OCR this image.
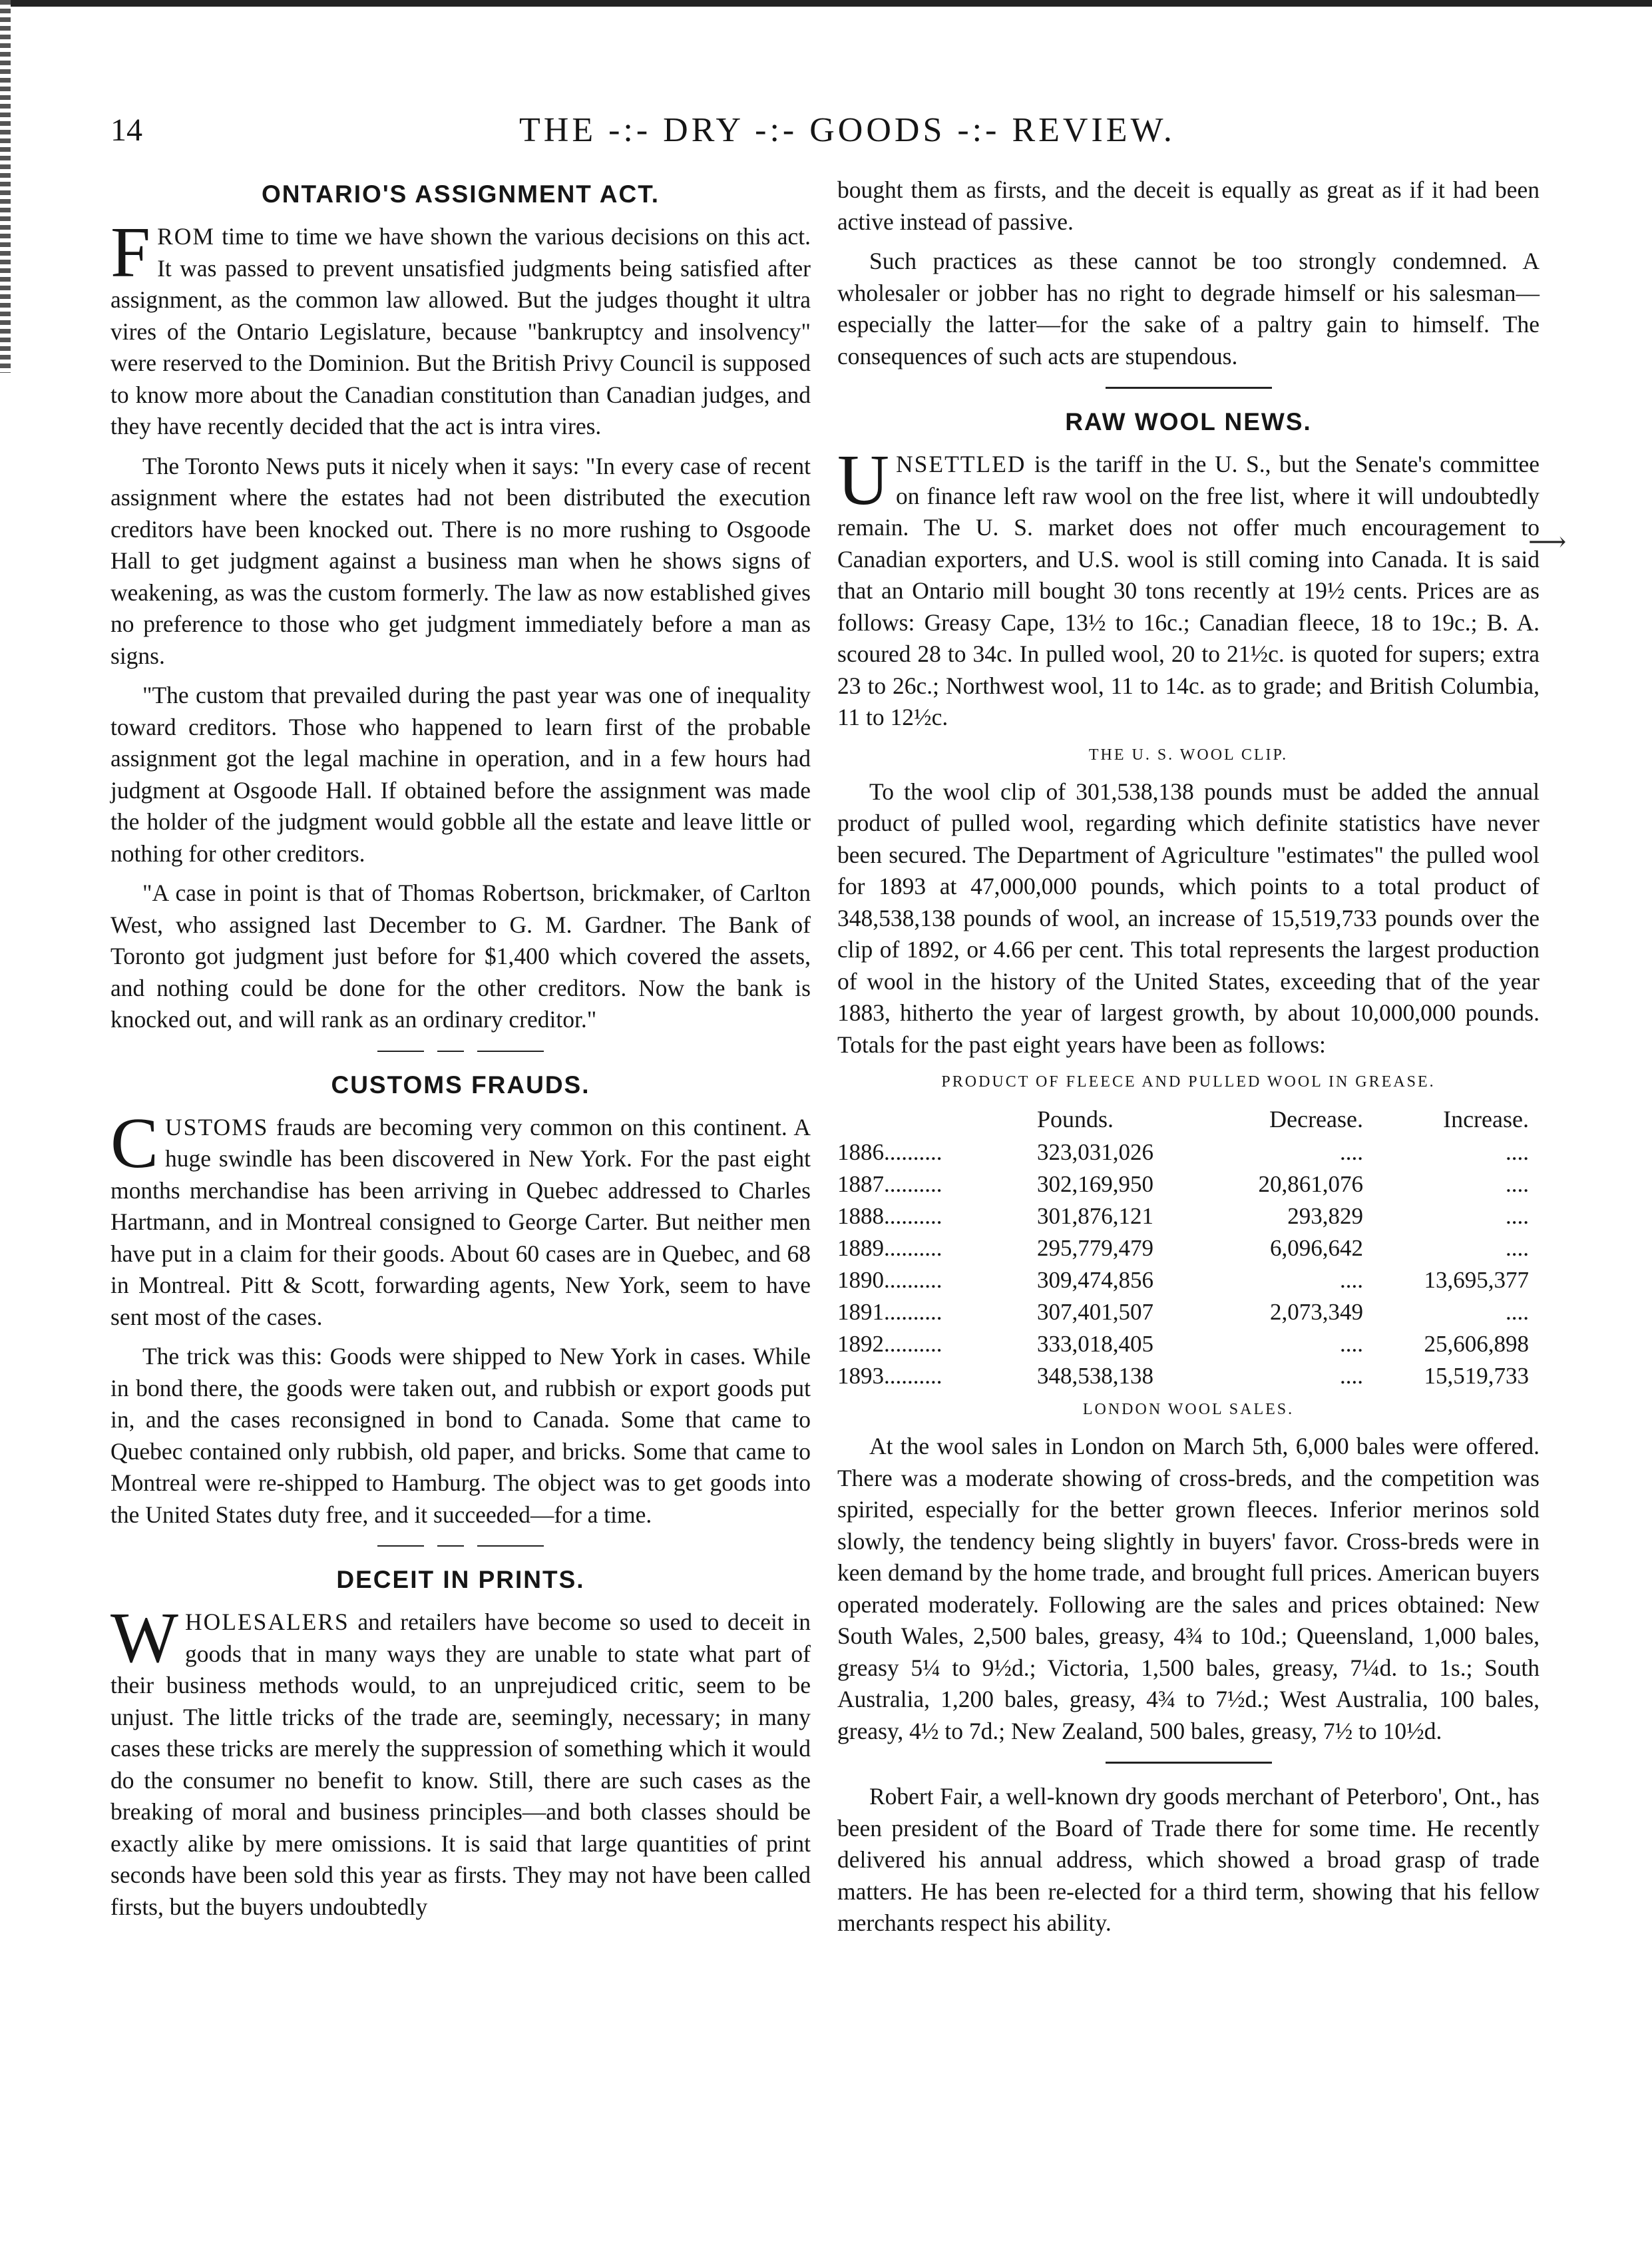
14	THE -:- DRY -:- GOODS -:- REVIEW.
ONTARIO'S ASSIGNMENT ACT.

FROM time to time we have shown the various decisions on this act. It was passed to prevent unsatisfied judgments being satisfied after assignment, as the common law allowed. But the judges thought it ultra vires of the Ontario Legislature, because "bankruptcy and insolvency" were reserved to the Dominion. But the British Privy Council is supposed to know more about the Canadian constitution than Canadian judges, and they have recently decided that the act is intra vires.

The Toronto News puts it nicely when it says: "In every case of recent assignment where the estates had not been distributed the execution creditors have been knocked out. There is no more rushing to Osgoode Hall to get judgment against a business man when he shows signs of weakening, as was the custom formerly. The law as now established gives no preference to those who get judgment immediately before a man as signs.

"The custom that prevailed during the past year was one of inequality toward creditors. Those who happened to learn first of the probable assignment got the legal machine in operation, and in a few hours had judgment at Osgoode Hall. If obtained before the assignment was made the holder of the judgment would gobble all the estate and leave little or nothing for other creditors.

"A case in point is that of Thomas Robertson, brickmaker, of Carlton West, who assigned last December to G. M. Gardner. The Bank of Toronto got judgment just before for $1,400 which covered the assets, and nothing could be done for the other creditors. Now the bank is knocked out, and will rank as an ordinary creditor."

CUSTOMS FRAUDS.

CUSTOMS frauds are becoming very common on this continent. A huge swindle has been discovered in New York. For the past eight months merchandise has been arriving in Quebec addressed to Charles Hartmann, and in Montreal consigned to George Carter. But neither men have put in a claim for their goods. About 60 cases are in Quebec, and 68 in Montreal. Pitt & Scott, forwarding agents, New York, seem to have sent most of the cases.

The trick was this: Goods were shipped to New York in cases. While in bond there, the goods were taken out, and rubbish or export goods put in, and the cases reconsigned in bond to Canada. Some that came to Quebec contained only rubbish, old paper, and bricks. Some that came to Montreal were re-shipped to Hamburg. The object was to get goods into the United States duty free, and it succeeded—for a time.

DECEIT IN PRINTS.

WHOLESALERS and retailers have become so used to deceit in goods that in many ways they are unable to state what part of their business methods would, to an unprejudiced critic, seem to be unjust. The little tricks of the trade are, seemingly, necessary; in many cases these tricks are merely the suppression of something which it would do the consumer no benefit to know. Still, there are such cases as the breaking of moral and business principles—and both classes should be exactly alike by mere omissions. It is said that large quantities of print seconds have been sold this year as firsts. They may not have been called firsts, but the buyers undoubtedly

bought them as firsts, and the deceit is equally as great as if it had been active instead of passive.

Such practices as these cannot be too strongly condemned. A wholesaler or jobber has no right to degrade himself or his salesman—especially the latter—for the sake of a paltry gain to himself. The consequences of such acts are stupendous.

RAW WOOL NEWS.

UNSETTLED is the tariff in the U. S., but the Senate's committee on finance left raw wool on the free list, where it will undoubtedly remain. The U. S. market does not offer much encouragement to Canadian exporters, and U.S. wool is still coming into Canada. It is said that an Ontario mill bought 30 tons recently at 19½ cents. Prices are as follows: Greasy Cape, 13½ to 16c.; Canadian fleece, 18 to 19c.; B. A. scoured 28 to 34c. In pulled wool, 20 to 21½c. is quoted for supers; extra 23 to 26c.; Northwest wool, 11 to 14c. as to grade; and British Columbia, 11 to 12½c.

THE U. S. WOOL CLIP.

To the wool clip of 301,538,138 pounds must be added the annual product of pulled wool, regarding which definite statistics have never been secured. The Department of Agriculture "estimates" the pulled wool for 1893 at 47,000,000 pounds, which points to a total product of 348,538,138 pounds of wool, an increase of 15,519,733 pounds over the clip of 1892, or 4.66 per cent. This total represents the largest production of wool in the history of the United States, exceeding that of the year 1883, hitherto the year of largest growth, by about 10,000,000 pounds. Totals for the past eight years have been as follows:

PRODUCT OF FLEECE AND PULLED WOOL IN GREASE.
	Pounds.	Decrease.	Increase.
1886..........	323,031,026	....	....
1887..........	302,169,950	20,861,076	....
1888..........	301,876,121	293,829	....
1889..........	295,779,479	6,096,642	....
1890..........	309,474,856	....	13,695,377
1891..........	307,401,507	2,073,349	....
1892..........	333,018,405	....	25,606,898
1893..........	348,538,138	....	15,519,733
LONDON WOOL SALES.

At the wool sales in London on March 5th, 6,000 bales were offered. There was a moderate showing of cross-breds, and the competition was spirited, especially for the better grown fleeces. Inferior merinos sold slowly, the tendency being slightly in buyers' favor. Cross-breds were in keen demand by the home trade, and brought full prices. American buyers operated moderately. Following are the sales and prices obtained: New South Wales, 2,500 bales, greasy, 4¾ to 10d.; Queensland, 1,000 bales, greasy 5¼ to 9½d.; Victoria, 1,500 bales, greasy, 7¼d. to 1s.; South Australia, 1,200 bales, greasy, 4¾ to 7½d.; West Australia, 100 bales, greasy, 4½ to 7d.; New Zealand, 500 bales, greasy, 7½ to 10½d.

Robert Fair, a well-known dry goods merchant of Peterboro', Ont., has been president of the Board of Trade there for some time. He recently delivered his annual address, which showed a broad grasp of trade matters. He has been re-elected for a third term, showing that his fellow merchants respect his ability.

⟶
